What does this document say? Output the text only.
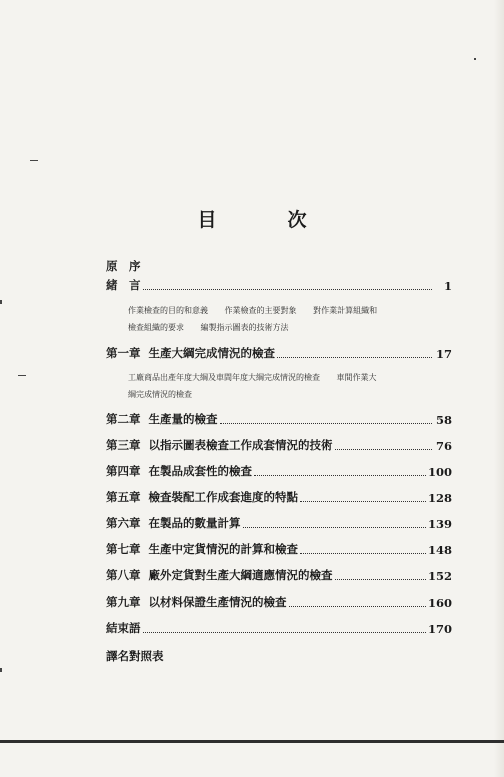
目　次
原　序
緒　言	1
作業檢查的目的和意義 作業檢查的主要對象 對作業計算組織和
檢查組織的要求 編製指示圖表的技術方法
第一章 生產大綱完成情況的檢查	17
工廠商品出產年度大綱及車間年度大綱完成情況的檢查 車間作業大
綱完成情況的檢查
第二章 生產量的檢查	58
第三章 以指示圖表檢查工作成套情況的技術	76
第四章 在製品成套性的檢查	100
第五章 檢查裝配工作成套進度的特點	128
第六章 在製品的數量計算	139
第七章 生產中定貨情況的計算和檢查	148
第八章 廠外定貨對生產大綱適應情況的檢查	152
第九章 以材料保證生產情況的檢查	160
結束語	170
譯名對照表
